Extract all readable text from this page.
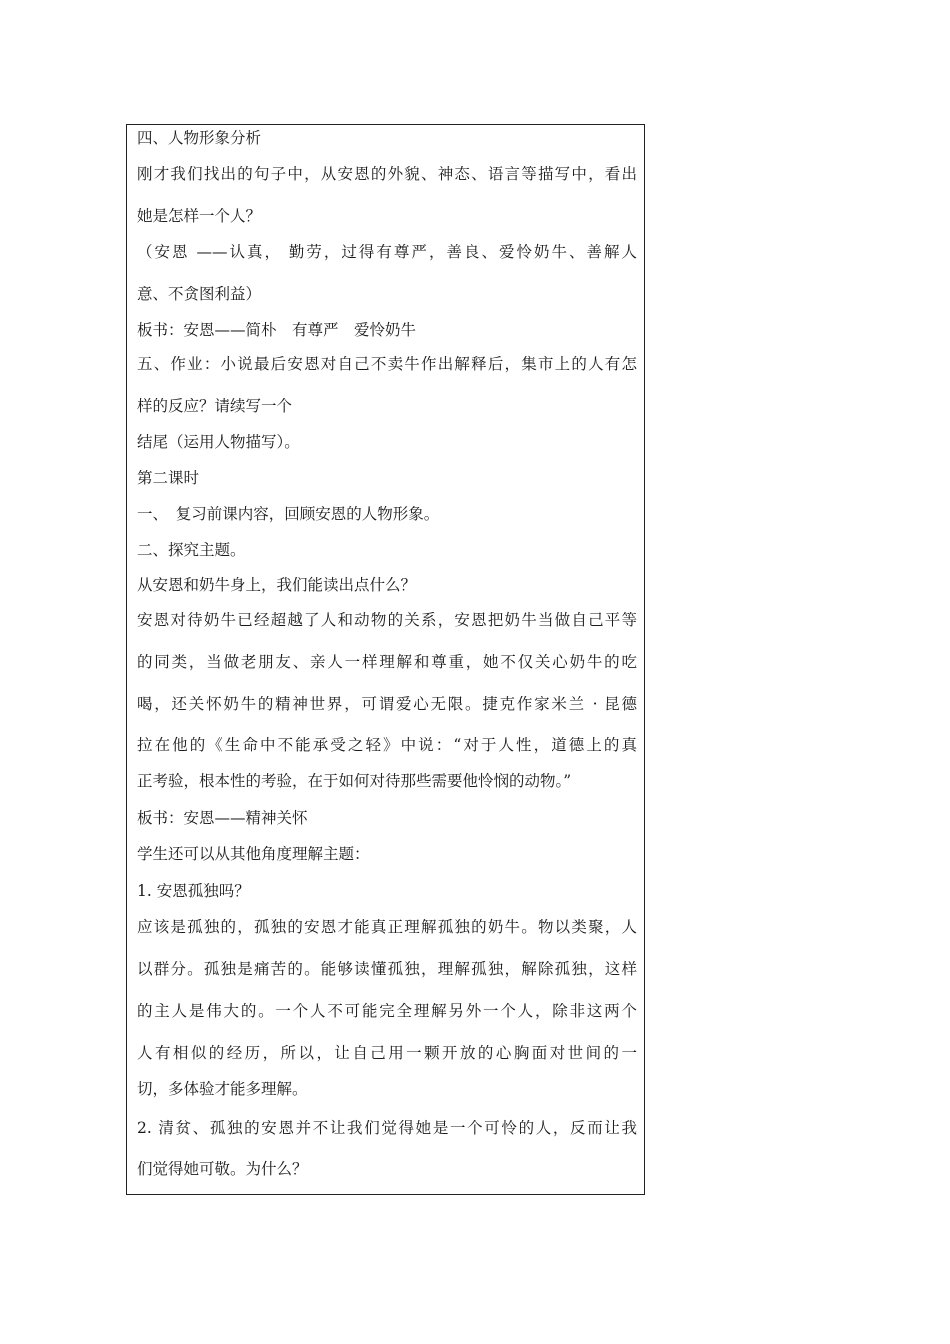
四、人物形象分析
刚才我们找出的句子中，从安恩的外貌、神态、语言等描写中，看出
她是怎样一个人？
（安恩 ——认真， 勤劳，过得有尊严，善良、爱怜奶牛、善解人
意、不贪图利益）
板书：安恩——简朴　有尊严　爱怜奶牛
五、作业：小说最后安恩对自己不卖牛作出解释后，集市上的人有怎
样的反应？请续写一个
结尾（运用人物描写）。
第二课时
一、　复习前课内容，回顾安恩的人物形象。
二、探究主题。
从安恩和奶牛身上，我们能读出点什么？
安恩对待奶牛已经超越了人和动物的关系，安恩把奶牛当做自己平等
的同类，当做老朋友、亲人一样理解和尊重，她不仅关心奶牛的吃
喝，还关怀奶牛的精神世界，可谓爱心无限。捷克作家米兰 · 昆德
拉在他的《生命中不能承受之轻》中说：“对于人性，道德上的真
正考验，根本性的考验，在于如何对待那些需要他怜悯的动物。”
板书：安恩——精神关怀
学生还可以从其他角度理解主题：
1. 安恩孤独吗？
应该是孤独的，孤独的安恩才能真正理解孤独的奶牛。物以类聚，人
以群分。孤独是痛苦的。能够读懂孤独，理解孤独，解除孤独，这样
的主人是伟大的。一个人不可能完全理解另外一个人，除非这两个
人有相似的经历，所以，让自己用一颗开放的心胸面对世间的一
切，多体验才能多理解。
2. 清贫、孤独的安恩并不让我们觉得她是一个可怜的人，反而让我
们觉得她可敬。为什么？
